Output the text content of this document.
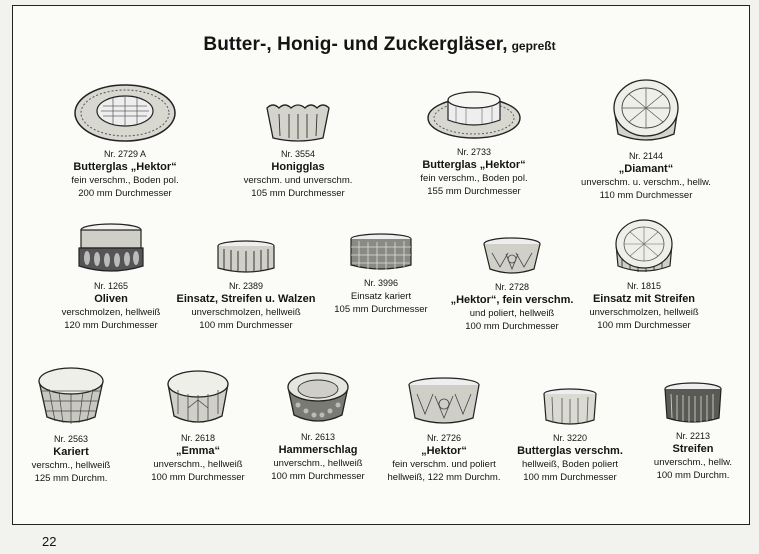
Butter-, Honig- und Zuckergläser, gepreßt
Nr. 2729 A
Butterglas „Hektor“
fein verschm., Boden pol.
200 mm Durchmesser
Nr. 3554
Honigglas
verschm. und unverschm.
105 mm Durchmesser
Nr. 2733
Butterglas „Hektor“
fein verschm., Boden pol.
155 mm Durchmesser
Nr. 2144
„Diamant“
unverschm. u. verschm., hellw.
110 mm Durchmesser
Nr. 1265
Oliven
verschmolzen, hellweiß
120 mm Durchmesser
Nr. 2389
Einsatz, Streifen u. Walzen
unverschmolzen, hellweiß
100 mm Durchmesser
Nr. 3996
Einsatz kariert
105 mm Durchmesser
Nr. 2728
„Hektor“, fein verschm.
und poliert, hellweiß
100 mm Durchmesser
Nr. 1815
Einsatz mit Streifen
unverschmolzen, hellweiß
100 mm Durchmesser
Nr. 2563
Kariert
verschm., hellweiß
125 mm Durchm.
Nr. 2618
„Emma“
unverschm., hellweiß
100 mm Durchmesser
Nr. 2613
Hammerschlag
unverschm., hellweiß
100 mm Durchmesser
Nr. 2726
„Hektor“
fein verschm. und poliert
hellweiß, 122 mm Durchm.
Nr. 3220
Butterglas verschm.
hellweiß, Boden poliert
100 mm Durchmesser
Nr. 2213
Streifen
unverschm., hellw.
100 mm Durchm.
22
